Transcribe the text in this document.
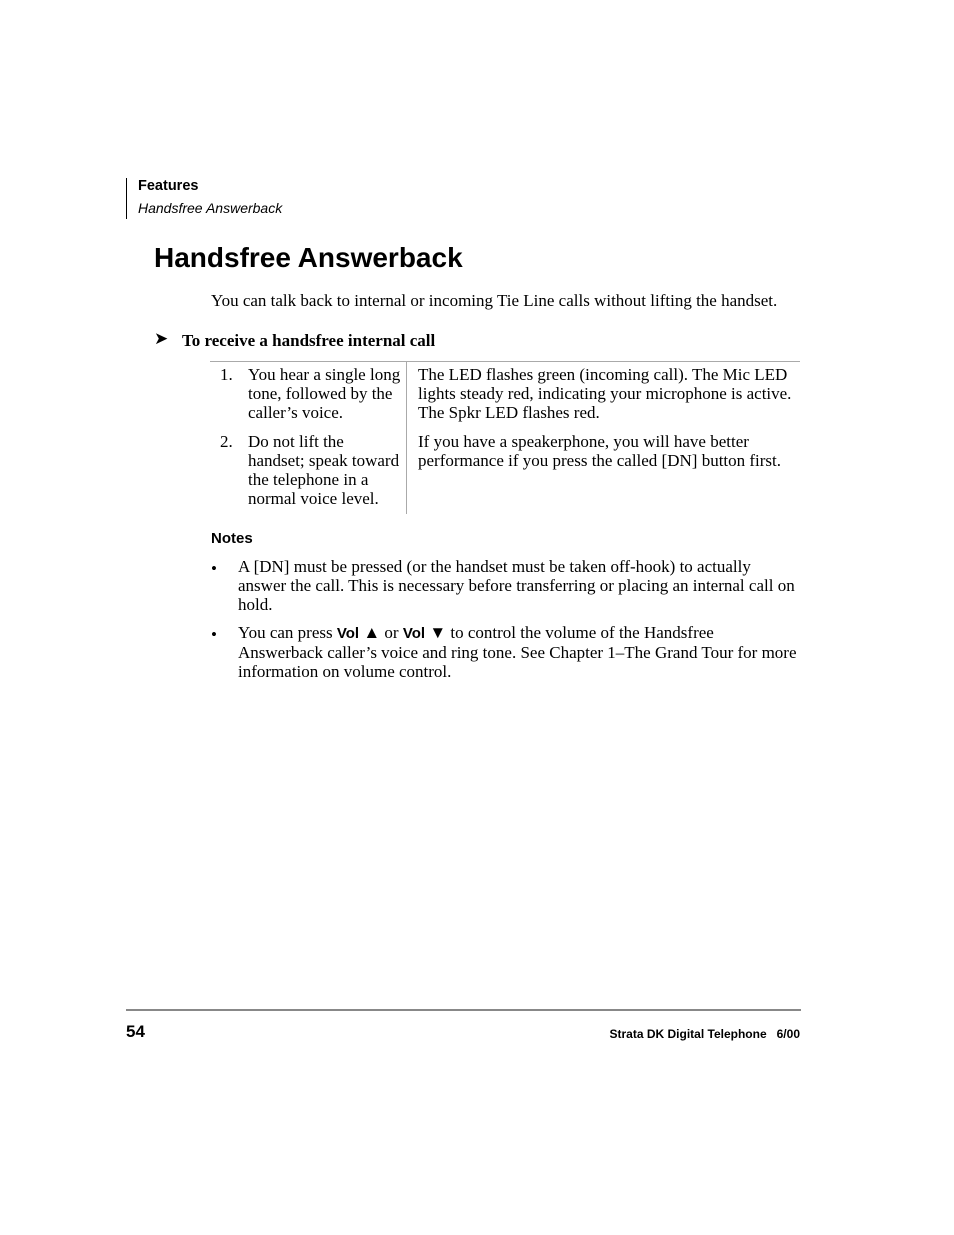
Features
Handsfree Answerback
Handsfree Answerback

You can talk back to internal or incoming Tie Line calls without lifting the handset.

➤ To receive a handsfree internal call
1. You hear a single long tone, followed by the caller’s voice.
The LED flashes green (incoming call). The Mic LED lights steady red, indicating your microphone is active. The Spkr LED flashes red.
2. Do not lift the handset; speak toward the telephone in a normal voice level.
If you have a speakerphone, you will have better performance if you press the called [DN] button first.
Notes
• A [DN] must be pressed (or the handset must be taken off-hook) to actually answer the call. This is necessary before transferring or placing an internal call on hold.

• You can press Vol ▲ or Vol ▼ to control the volume of the Handsfree Answerback caller’s voice and ring tone. See Chapter 1–The Grand Tour for more information on volume control.

54	Strata DK Digital Telephone   6/00
